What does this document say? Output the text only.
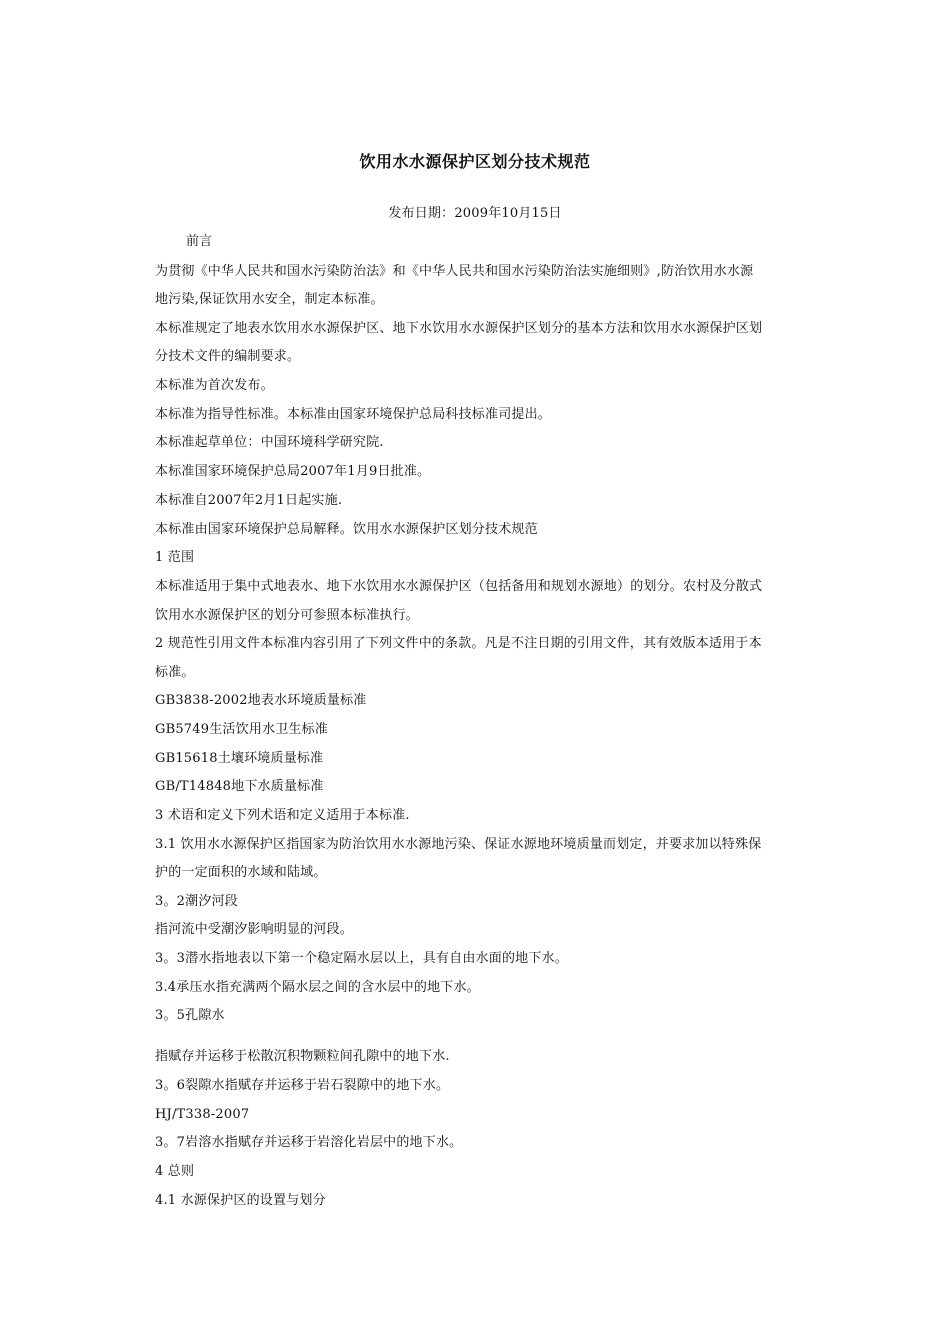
饮用水水源保护区划分技术规范

发布日期：2009年10月15日

前言

为贯彻《中华人民共和国水污染防治法》和《中华人民共和国水污染防治法实施细则》,防治饮用水水源

地污染,保证饮用水安全，制定本标准。

本标准规定了地表水饮用水水源保护区、地下水饮用水水源保护区划分的基本方法和饮用水水源保护区划

分技术文件的编制要求。

本标准为首次发布。

本标准为指导性标准。本标准由国家环境保护总局科技标准司提出。

本标准起草单位：中国环境科学研究院.

本标准国家环境保护总局2007年1月9日批准。

本标准自2007年2月1日起实施.

本标准由国家环境保护总局解释。饮用水水源保护区划分技术规范

1 范围

本标准适用于集中式地表水、地下水饮用水水源保护区（包括备用和规划水源地）的划分。农村及分散式

饮用水水源保护区的划分可参照本标准执行。

2 规范性引用文件本标准内容引用了下列文件中的条款。凡是不注日期的引用文件，其有效版本适用于本

标准。

GB3838-2002地表水环境质量标准

GB5749生活饮用水卫生标准

GB15618土壤环境质量标准

GB/T14848地下水质量标准

3 术语和定义下列术语和定义适用于本标准.

3.1 饮用水水源保护区指国家为防治饮用水水源地污染、保证水源地环境质量而划定，并要求加以特殊保

护的一定面积的水域和陆域。

3。2潮汐河段

指河流中受潮汐影响明显的河段。

3。3潜水指地表以下第一个稳定隔水层以上，具有自由水面的地下水。

3.4承压水指充满两个隔水层之间的含水层中的地下水。

3。5孔隙水

指赋存并运移于松散沉积物颗粒间孔隙中的地下水.

3。6裂隙水指赋存并运移于岩石裂隙中的地下水。

HJ/T338-2007

3。7岩溶水指赋存并运移于岩溶化岩层中的地下水。

4 总则

4.1 水源保护区的设置与划分
